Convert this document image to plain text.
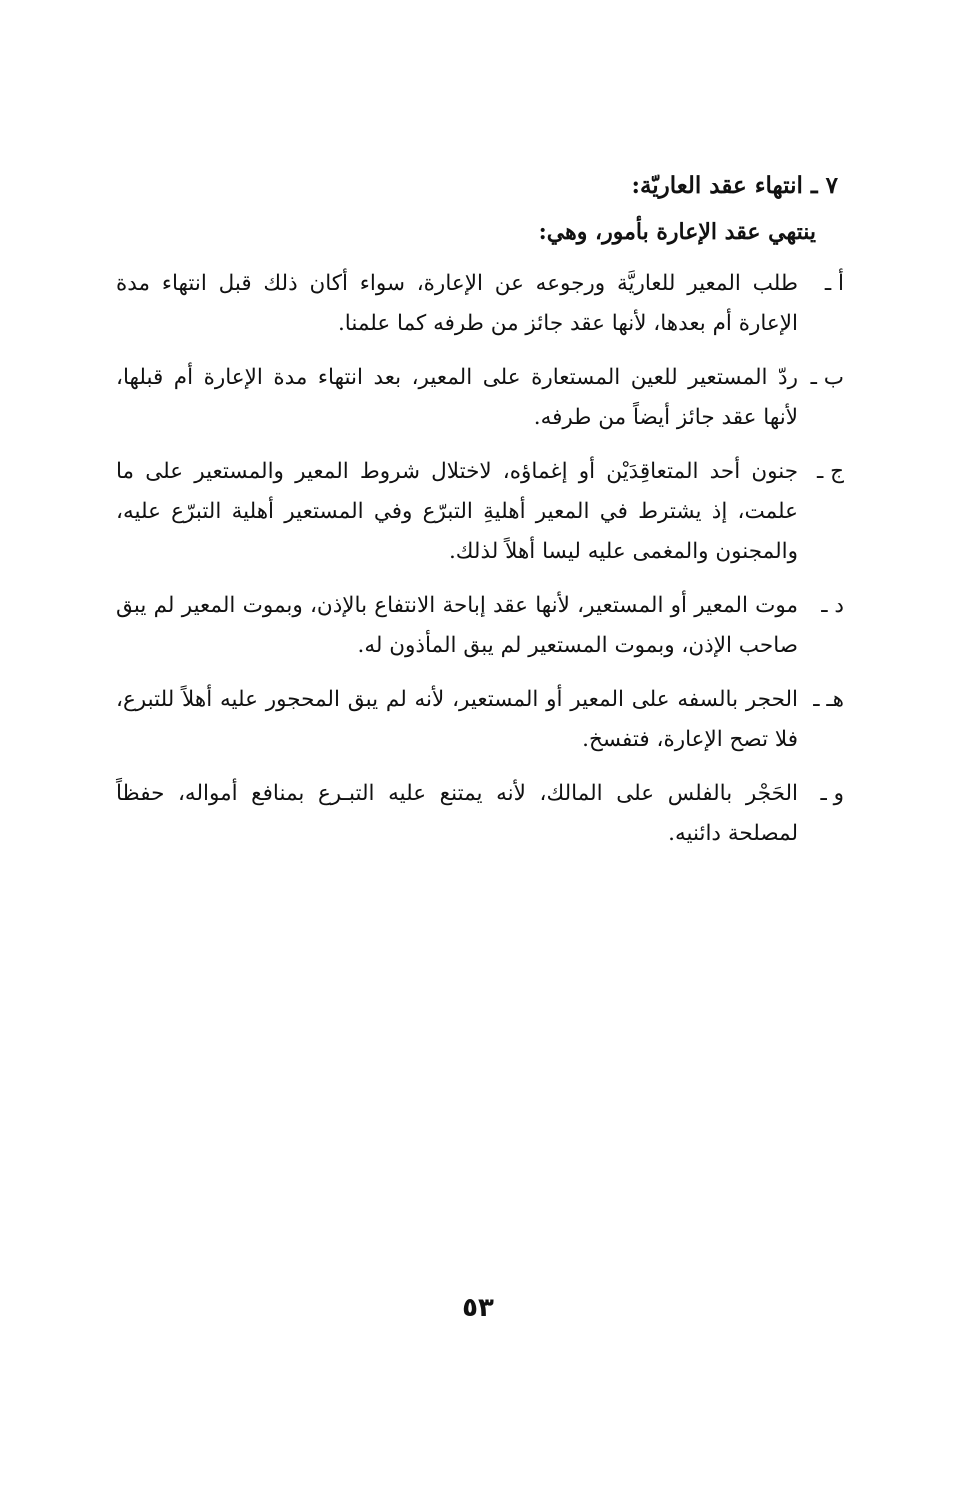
٧ ـ انتهاء عقد العاريّة:
ينتهي عقد الإعارة بأمور، وهي:
أ ـ
طلب المعير للعاريَّة ورجوعه عن الإعارة، سواء أكان ذلك قبل انتهاء مدة الإعارة أم بعدها، لأنها عقد جائز من طرفه كما علمنا.
ب ـ
ردّ المستعير للعين المستعارة على المعير، بعد انتهاء مدة الإعارة أم قبلها، لأنها عقد جائز أيضاً من طرفه.
ج ـ
جنون أحد المتعاقِدَيْن أو إغماؤه، لاختلال شروط المعير والمستعير على ما علمت، إذ يشترط في المعير أهليةِ التبرّع وفي المستعير أهلية التبرّع عليه، والمجنون والمغمى عليه ليسا أهلاً لذلك.
د ـ
موت المعير أو المستعير، لأنها عقد إباحة الانتفاع بالإذن، وبموت المعير لم يبق صاحب الإذن، وبموت المستعير لم يبق المأذون له.
هـ ـ
الحجر بالسفه على المعير أو المستعير، لأنه لم يبق المحجور عليه أهلاً للتبرع، فلا تصح الإعارة، فتفسخ.
و ـ
الحَجْر بالفلس على المالك، لأنه يمتنع عليه التبـرع بمنافع أمواله، حفظاً لمصلحة دائنيه.
٥٣
